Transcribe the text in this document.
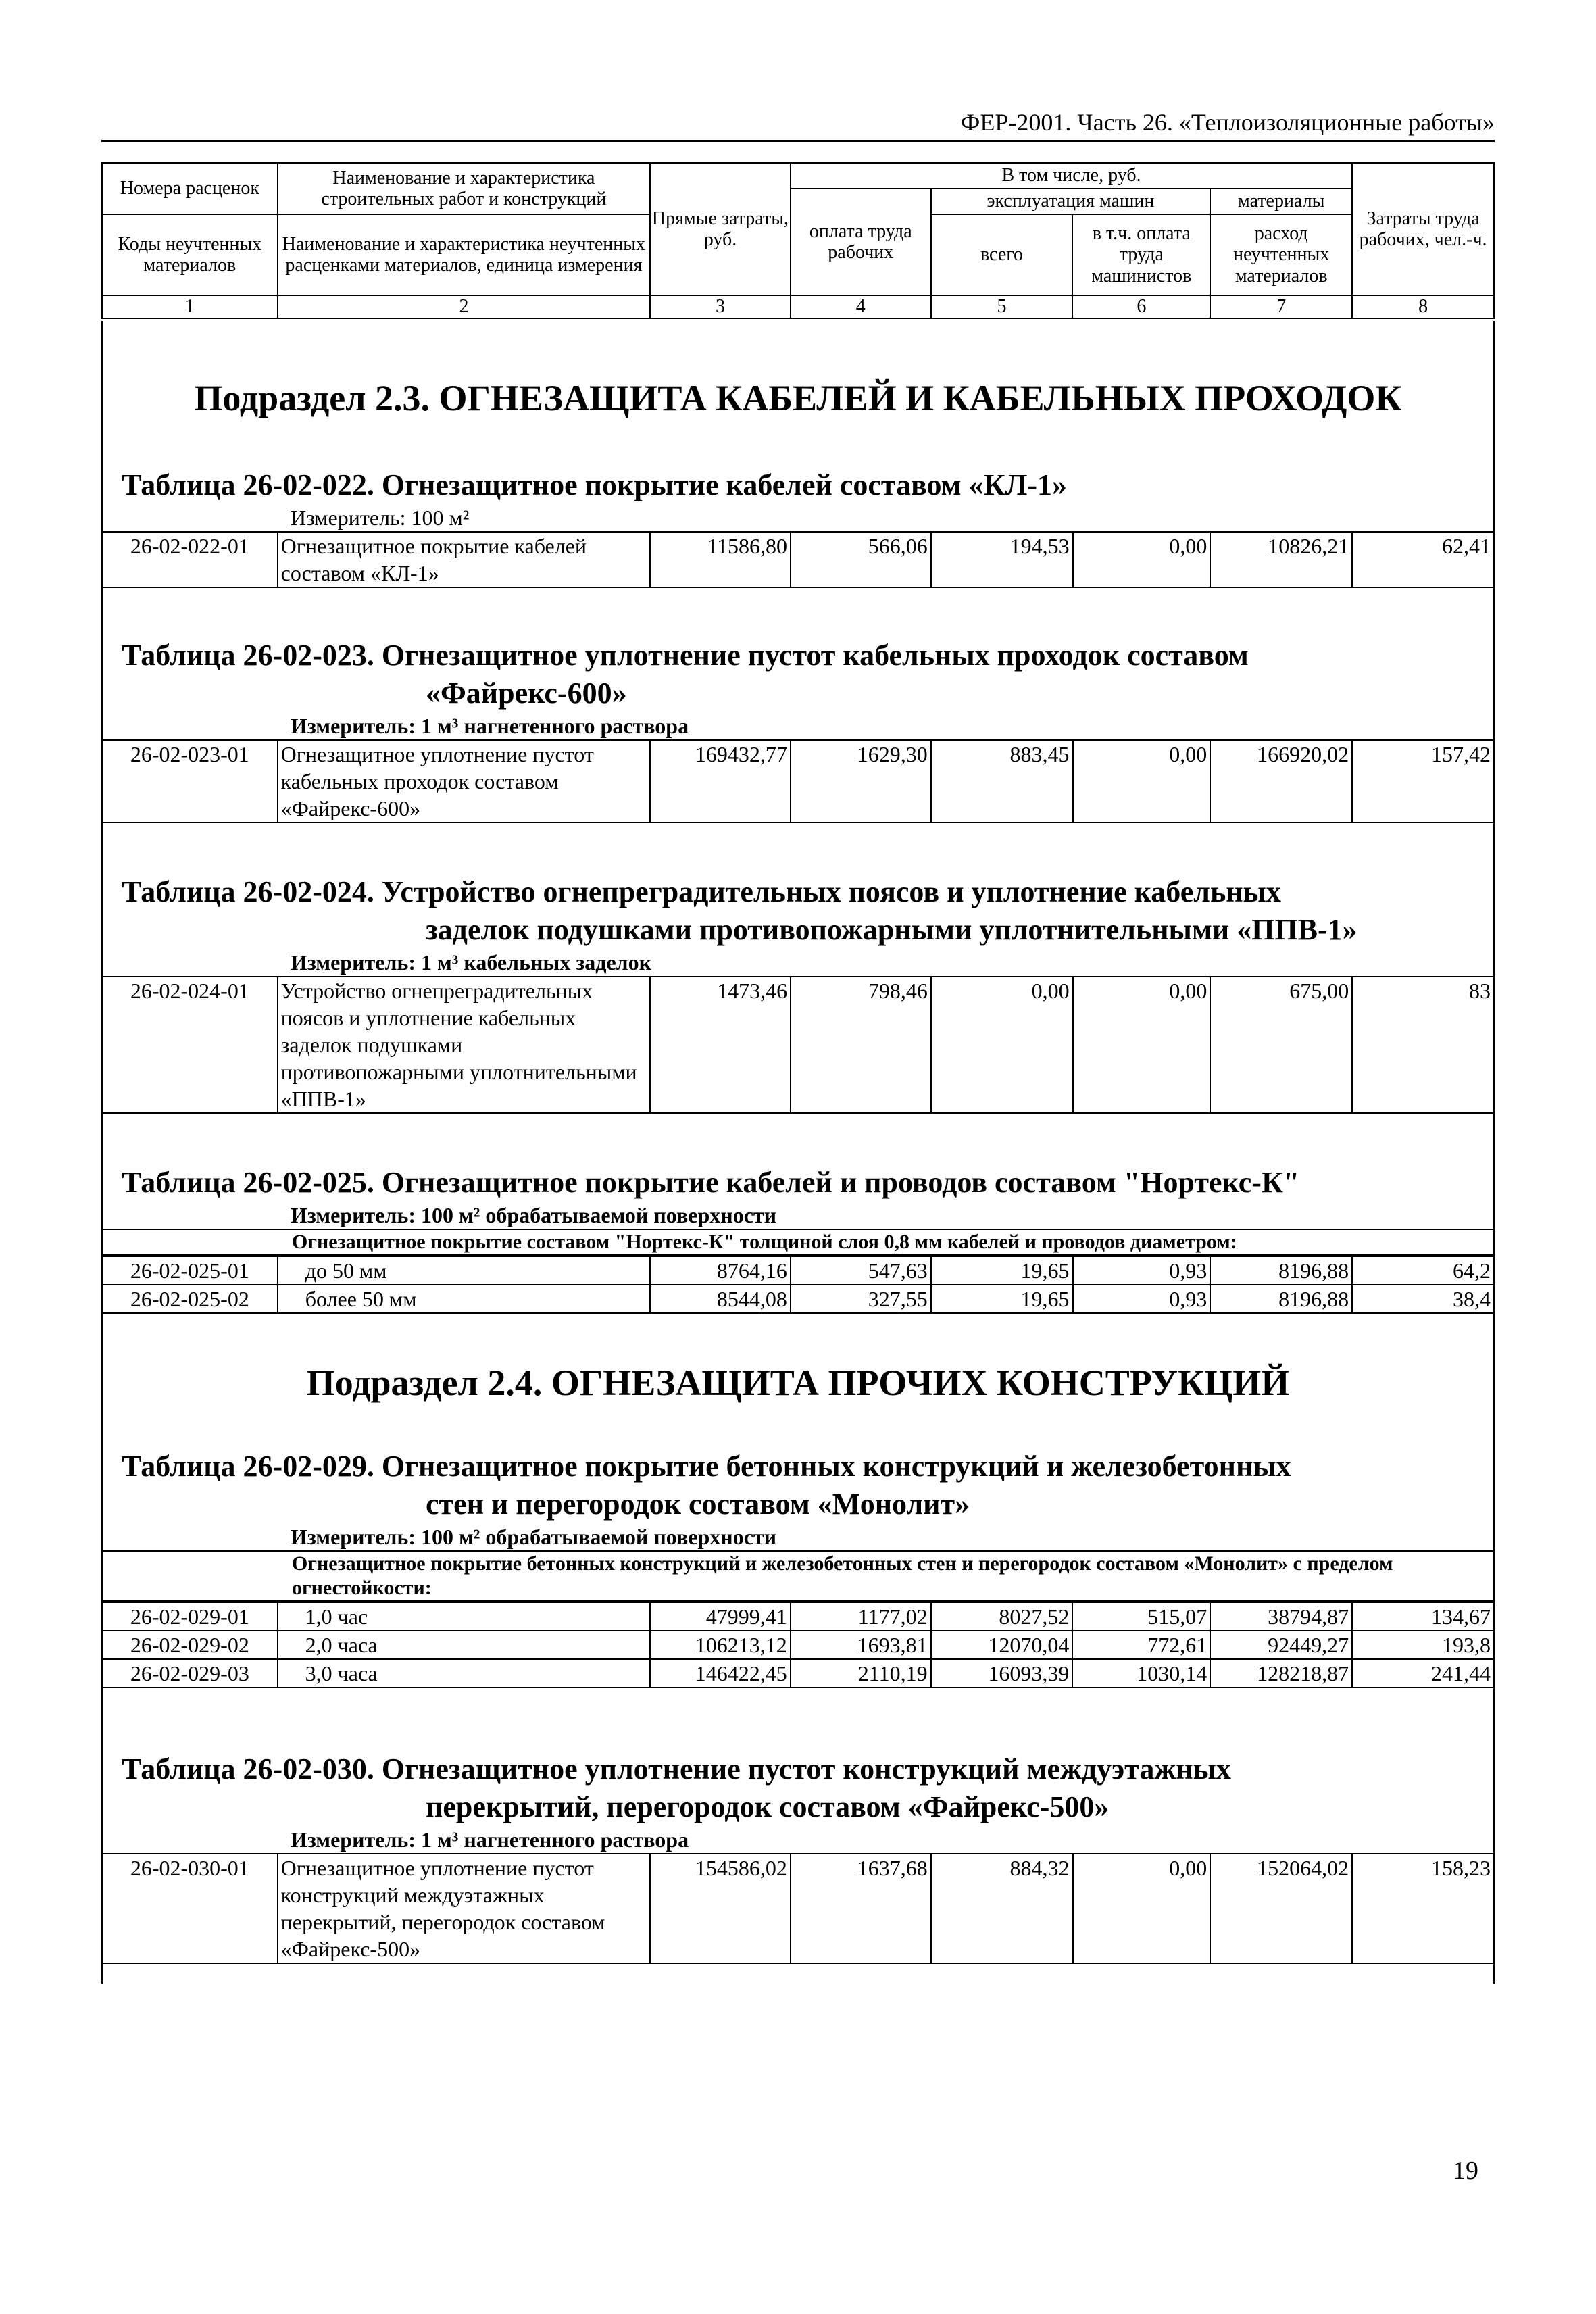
ФЕР-2001. Часть 26. «Теплоизоляционные работы»
Номера расценок	Наименование и характеристика строительных работ и конструкций	Прямые затраты, руб.	В том числе, руб.				Затраты труда рабочих, чел.-ч.
			оплата труда рабочих	эксплуатация машин		материалы	
Коды неучтенных материалов	Наименование и характеристика неучтенных расценками материалов, единица измерения			всего	в т.ч. оплата труда машинистов	расход неучтенных материалов	

1	2	3	4	5	6	7	8
Подраздел 2.3. ОГНЕЗАЩИТА КАБЕЛЕЙ И КАБЕЛЬНЫХ ПРОХОДОК
Таблица 26-02-022. Огнезащитное покрытие кабелей составом «КЛ-1»
Измеритель: 100 м²
26-02-022-01	Огнезащитное покрытие кабелей составом «КЛ-1»	11586,80	566,06	194,53	0,00	10826,21	62,41
Таблица 26-02-023. Огнезащитное уплотнение пустот кабельных проходок составом
«Файрекс-600»
Измеритель: 1 м³ нагнетенного раствора
26-02-023-01	Огнезащитное уплотнение пустот кабельных проходок составом «Файрекс-600»	169432,77	1629,30	883,45	0,00	166920,02	157,42
Таблица 26-02-024. Устройство огнепреградительных поясов и уплотнение кабельных
заделок подушками противопожарными уплотнительными «ППВ-1»
Измеритель: 1 м³ кабельных заделок
26-02-024-01	Устройство огнепреградительных поясов и уплотнение кабельных заделок подушками противопожарными уплотнительными «ППВ-1»	1473,46	798,46	0,00	0,00	675,00	83
Таблица 26-02-025. Огнезащитное покрытие кабелей и проводов составом "Нортекс-К"
Измеритель: 100 м² обрабатываемой поверхности
Огнезащитное покрытие составом "Нортекс-К" толщиной слоя 0,8 мм кабелей и проводов диаметром:
26-02-025-01	до 50 мм	8764,16	547,63	19,65	0,93	8196,88	64,2
26-02-025-02	более 50 мм	8544,08	327,55	19,65	0,93	8196,88	38,4
Подраздел 2.4. ОГНЕЗАЩИТА ПРОЧИХ КОНСТРУКЦИЙ
Таблица 26-02-029. Огнезащитное покрытие бетонных конструкций и железобетонных
стен и перегородок составом «Монолит»
Измеритель: 100 м² обрабатываемой поверхности
Огнезащитное покрытие бетонных конструкций и железобетонных стен и перегородок составом «Монолит» с пределом огнестойкости:
26-02-029-01	1,0 час	47999,41	1177,02	8027,52	515,07	38794,87	134,67
26-02-029-02	2,0 часа	106213,12	1693,81	12070,04	772,61	92449,27	193,8
26-02-029-03	3,0 часа	146422,45	2110,19	16093,39	1030,14	128218,87	241,44
Таблица 26-02-030. Огнезащитное уплотнение пустот конструкций междуэтажных
перекрытий, перегородок составом «Файрекс-500»
Измеритель: 1 м³ нагнетенного раствора
26-02-030-01	Огнезащитное уплотнение пустот конструкций междуэтажных перекрытий, перегородок составом «Файрекс-500»	154586,02	1637,68	884,32	0,00	152064,02	158,23
19
